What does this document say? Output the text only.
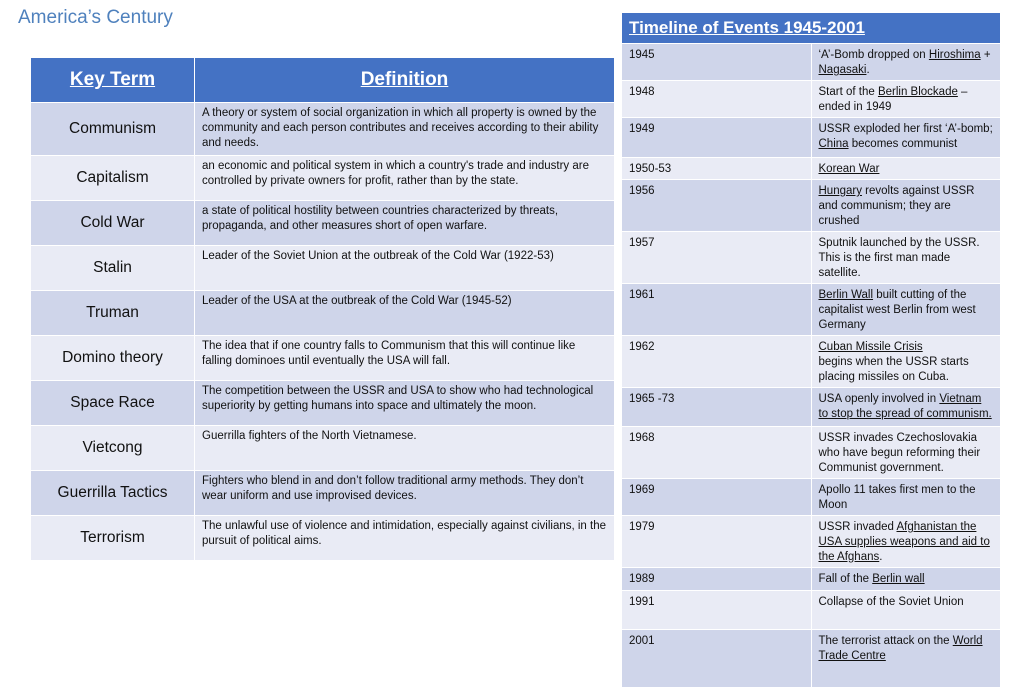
America’s Century
Key Term	Definition
Communism	A theory or system of social organization in which all property is owned by the community and each person contributes and receives according to their ability and needs.
Capitalism	an economic and political system in which a country's trade and industry are controlled by private owners for profit, rather than by the state.
Cold War	a state of political hostility between countries characterized by threats, propaganda, and other measures short of open warfare.
Stalin	Leader of the Soviet Union at the outbreak of the Cold War (1922-53)
Truman	Leader of the USA at the outbreak of the Cold War (1945-52)
Domino theory	The idea that if one country falls to Communism that this will continue like falling dominoes until eventually the USA will fall.
Space Race	The competition between the USSR and USA to show who had technological superiority by getting humans into space and ultimately the moon.
Vietcong	Guerrilla fighters of the North Vietnamese.
Guerrilla Tactics	Fighters who blend in and don’t follow traditional army methods. They don’t wear uniform and use improvised devices.
Terrorism	The unlawful use of violence and intimidation, especially against civilians, in the pursuit of political aims.
Timeline of Events 1945-2001	
1945	‘A’-Bomb dropped on Hiroshima + Nagasaki.
1948	Start of the Berlin Blockade – ended in 1949
1949	USSR exploded her first ‘A’-bomb; China becomes communist
1950-53	Korean War
1956	Hungary revolts against USSR and communism; they are crushed
1957	Sputnik launched by the USSR. This is the first man made satellite.
1961	Berlin Wall built cutting of the capitalist west Berlin from west Germany
1962	Cuban Missile Crisis
begins when the USSR starts placing missiles on Cuba.
1965 -73	USA openly involved in Vietnam to stop the spread of communism.
1968	USSR invades Czechoslovakia who have begun reforming their Communist government.
1969	Apollo 11 takes first men to the Moon
1979	USSR invaded Afghanistan the USA supplies weapons and aid to the Afghans.
1989	Fall of the Berlin wall
1991	Collapse of the Soviet Union
2001	The terrorist attack on the World Trade Centre
